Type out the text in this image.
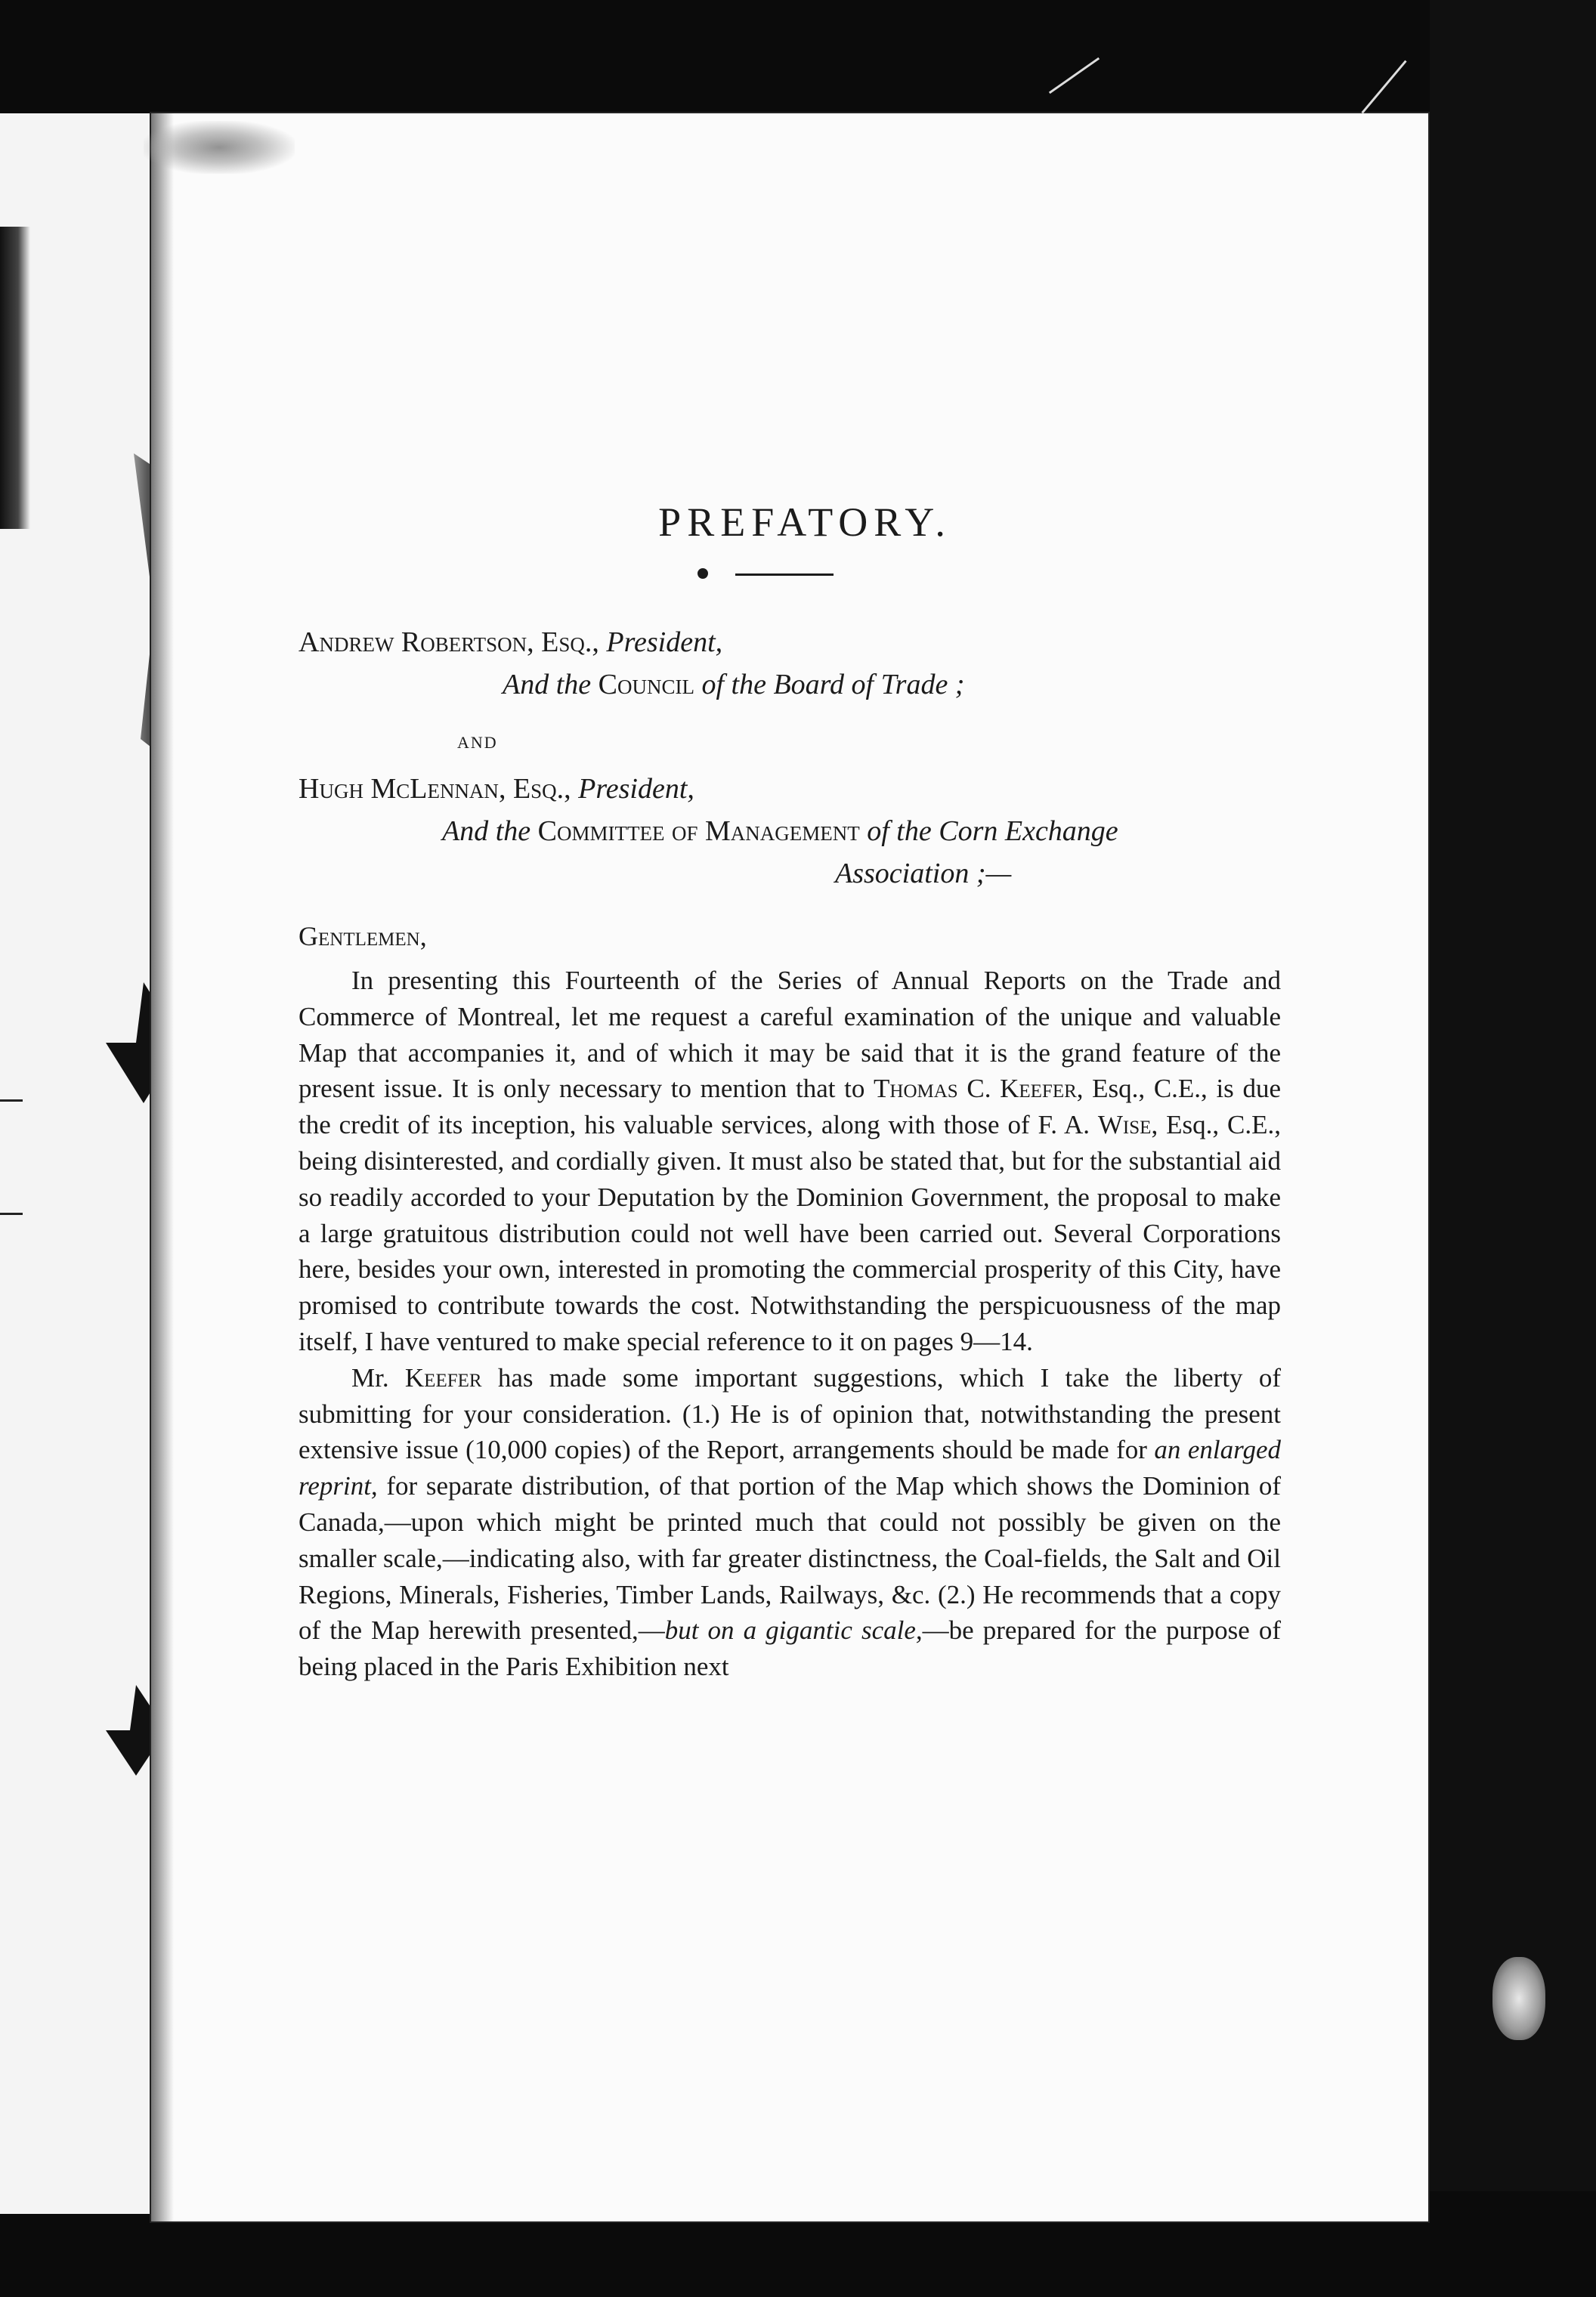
PREFATORY.
Andrew Robertson, Esq., President,
And the Council of the Board of Trade ;
AND
Hugh McLennan, Esq., President,
And the Committee of Management of the Corn Exchange
Association ;—
Gentlemen,

In presenting this Fourteenth of the Series of Annual Reports on the Trade and Commerce of Montreal, let me request a careful examination of the unique and valuable Map that accompanies it, and of which it may be said that it is the grand feature of the present issue. It is only necessary to mention that to Thomas C. Keefer, Esq., C.E., is due the credit of its inception, his valuable services, along with those of F. A. Wise, Esq., C.E., being disinterested, and cordially given. It must also be stated that, but for the substantial aid so readily accorded to your Deputation by the Dominion Government, the proposal to make a large gratuitous distribution could not well have been carried out. Several Corporations here, besides your own, interested in promoting the commercial prosperity of this City, have promised to contribute towards the cost. Notwithstanding the perspicuousness of the map itself, I have ventured to make special reference to it on pages 9—14.

Mr. Keefer has made some important suggestions, which I take the liberty of submitting for your consideration. (1.) He is of opinion that, notwithstanding the present extensive issue (10,000 copies) of the Report, arrangements should be made for an enlarged reprint, for separate distribution, of that portion of the Map which shows the Dominion of Canada,—upon which might be printed much that could not possibly be given on the smaller scale,—indicating also, with far greater distinctness, the Coal-fields, the Salt and Oil Regions, Minerals, Fisheries, Timber Lands, Railways, &c. (2.) He recommends that a copy of the Map herewith presented,—but on a gigantic scale,—be prepared for the purpose of being placed in the Paris Exhibition next
